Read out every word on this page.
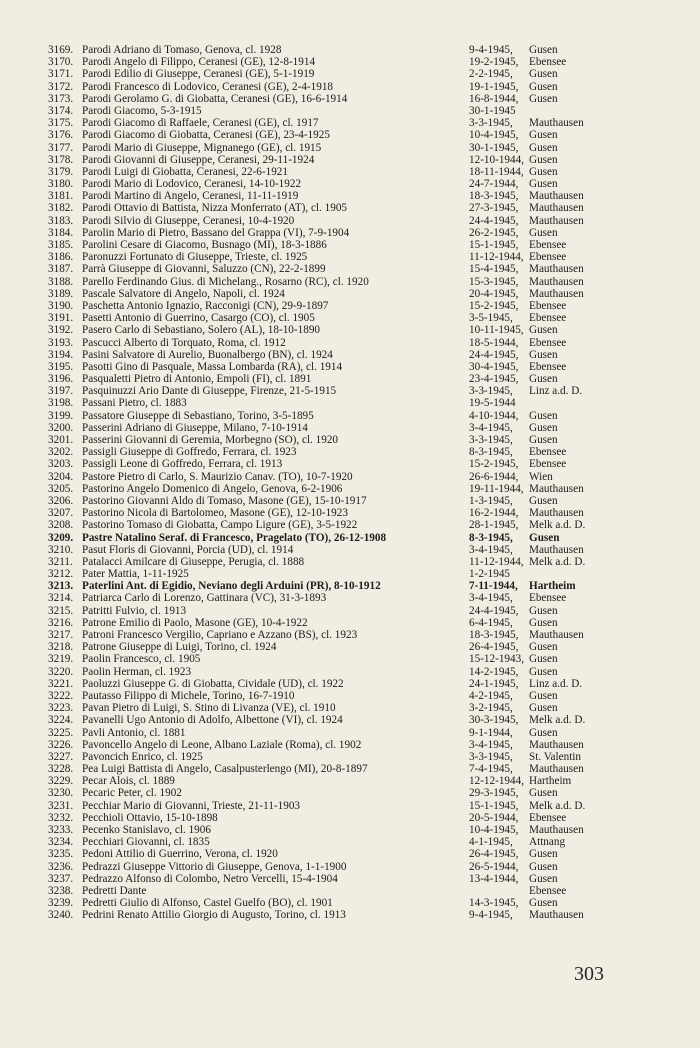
3169. Parodi Adriano di Tomaso, Genova, cl. 1928	9-4-1945, Gusen
3170. Parodi Angelo di Filippo, Ceranesi (GE), 12-8-1914	19-2-1945, Ebensee
3171. Parodi Edilio di Giuseppe, Ceranesi (GE), 5-1-1919	2-2-1945, Gusen
3172. Parodi Francesco di Lodovico, Ceranesi (GE), 2-4-1918	19-1-1945, Gusen
3173. Parodi Gerolamo G. di Giobatta, Ceranesi (GE), 16-6-1914	16-8-1944, Gusen
3174. Parodi Giacomo, 5-3-1915	30-1-1945
3175. Parodi Giacomo di Raffaele, Ceranesi (GE), cl. 1917	3-3-1945, Mauthausen
3176. Parodi Giacomo di Giobatta, Ceranesi (GE), 23-4-1925	10-4-1945, Gusen
3177. Parodi Mario di Giuseppe, Mignanego (GE), cl. 1915	30-1-1945, Gusen
3178. Parodi Giovanni di Giuseppe, Ceranesi, 29-11-1924	12-10-1944, Gusen
3179. Parodi Luigi di Giobatta, Ceranesi, 22-6-1921	18-11-1944, Gusen
3180. Parodi Mario di Lodovico, Ceranesi, 14-10-1922	24-7-1944, Gusen
3181. Parodi Martino di Angelo, Ceranesi, 11-11-1919	18-3-1945, Mauthausen
3182. Parodi Ottavio di Battista, Nizza Monferrato (AT), cl. 1905	27-3-1945, Mauthausen
3183. Parodi Silvio di Giuseppe, Ceranesi, 10-4-1920	24-4-1945, Mauthausen
3184. Parolin Mario di Pietro, Bassano del Grappa (VI), 7-9-1904	26-2-1945, Gusen
3185. Parolini Cesare di Giacomo, Busnago (MI), 18-3-1886	15-1-1945, Ebensee
3186. Paronuzzi Fortunato di Giuseppe, Trieste, cl. 1925	11-12-1944, Ebensee
3187. Parrà Giuseppe di Giovanni, Saluzzo (CN), 22-2-1899	15-4-1945, Mauthausen
3188. Parello Ferdinando Gius. di Michelang., Rosarno (RC), cl. 1920	15-3-1945, Mauthausen
3189. Pascale Salvatore di Angelo, Napoli, cl. 1924	20-4-1945, Mauthausen
3190. Paschetta Antonio Ignazio, Racconigi (CN), 29-9-1897	15-2-1945, Ebensee
3191. Pasetti Antonio di Guerrino, Casargo (CO), cl. 1905	3-5-1945, Ebensee
3192. Pasero Carlo di Sebastiano, Solero (AL), 18-10-1890	10-11-1945, Gusen
3193. Pascucci Alberto di Torquato, Roma, cl. 1912	18-5-1944, Ebensee
3194. Pasini Salvatore di Aurelio, Buonalbergo (BN), cl. 1924	24-4-1945, Gusen
3195. Pasotti Gino di Pasquale, Massa Lombarda (RA), cl. 1914	30-4-1945, Ebensee
3196. Pasqualetti Pietro di Antonio, Empoli (FI), cl. 1891	23-4-1945, Gusen
3197. Pasquinuzzi Ario Dante di Giuseppe, Firenze, 21-5-1915	3-3-1945, Linz a.d. D.
3198. Passani Pietro, cl. 1883	19-5-1944
3199. Passatore Giuseppe di Sebastiano, Torino, 3-5-1895	4-10-1944, Gusen
3200. Passerini Adriano di Giuseppe, Milano, 7-10-1914	3-4-1945, Gusen
3201. Passerini Giovanni di Geremia, Morbegno (SO), cl. 1920	3-3-1945, Gusen
3202. Passigli Giuseppe di Goffredo, Ferrara, cl. 1923	8-3-1945, Ebensee
3203. Passigli Leone di Goffredo, Ferrara, cl. 1913	15-2-1945, Ebensee
3204. Pastore Pietro di Carlo, S. Maurizio Canav. (TO), 10-7-1920	26-6-1944, Wien
3205. Pastorino Angelo Domenico di Angelo, Genova, 6-2-1906	19-11-1944, Mauthausen
3206. Pastorino Giovanni Aldo di Tomaso, Masone (GE), 15-10-1917	1-3-1945, Gusen
3207. Pastorino Nicola di Bartolomeo, Masone (GE), 12-10-1923	16-2-1944, Mauthausen
3208. Pastorino Tomaso di Giobatta, Campo Ligure (GE), 3-5-1922	28-1-1945, Melk a.d. D.
3209. Pastre Natalino Seraf. di Francesco, Pragelato (TO), 26-12-1908	8-3-1945, Gusen
3210. Pasut Floris di Giovanni, Porcia (UD), cl. 1914	3-4-1945, Mauthausen
3211. Patalacci Amilcare di Giuseppe, Perugia, cl. 1888	11-12-1944, Melk a.d. D.
3212. Pater Mattia, 1-11-1925	1-2-1945
3213. Paterlini Ant. di Egidio, Neviano degli Arduini (PR), 8-10-1912	7-11-1944, Hartheim
3214. Patriarca Carlo di Lorenzo, Gattinara (VC), 31-3-1893	3-4-1945, Ebensee
3215. Patritti Fulvio, cl. 1913	24-4-1945, Gusen
3216. Patrone Emilio di Paolo, Masone (GE), 10-4-1922	6-4-1945, Gusen
3217. Patroni Francesco Vergilio, Capriano e Azzano (BS), cl. 1923	18-3-1945, Mauthausen
3218. Patrone Giuseppe di Luigi, Torino, cl. 1924	26-4-1945, Gusen
3219. Paolin Francesco, cl. 1905	15-12-1943, Gusen
3220. Paolin Herman, cl. 1923	14-2-1945, Gusen
3221. Paoluzzi Giuseppe G. di Giobatta, Cividale (UD), cl. 1922	24-1-1945, Linz a.d. D.
3222. Pautasso Filippo di Michele, Torino, 16-7-1910	4-2-1945, Gusen
3223. Pavan Pietro di Luigi, S. Stino di Livanza (VE), cl. 1910	3-2-1945, Gusen
3224. Pavanelli Ugo Antonio di Adolfo, Albettone (VI), cl. 1924	30-3-1945, Melk a.d. D.
3225. Pavli Antonio, cl. 1881	9-1-1944, Gusen
3226. Pavoncello Angelo di Leone, Albano Laziale (Roma), cl. 1902	3-4-1945, Mauthausen
3227. Pavoncich Enrico, cl. 1925	3-3-1945, St. Valentin
3228. Pea Luigi Battista di Angelo, Casalpusterlengo (MI), 20-8-1897	7-4-1945, Mauthausen
3229. Pecar Alois, cl. 1889	12-12-1944, Hartheim
3230. Pecaric Peter, cl. 1902	29-3-1945, Gusen
3231. Pecchiar Mario di Giovanni, Trieste, 21-11-1903	15-1-1945, Melk a.d. D.
3232. Pecchioli Ottavio, 15-10-1898	20-5-1944, Ebensee
3233. Pecenko Stanislavo, cl. 1906	10-4-1945, Mauthausen
3234. Pecchiari Giovanni, cl. 1835	4-1-1945, Attnang
3235. Pedoni Attilio di Guerrino, Verona, cl. 1920	26-4-1945, Gusen
3236. Pedrazzi Giuseppe Vittorio di Giuseppe, Genova, 1-1-1900	26-5-1944, Gusen
3237. Pedrazzo Alfonso di Colombo, Netro Vercelli, 15-4-1904	13-4-1944, Gusen
3238. Pedretti Dante	Ebensee
3239. Pedretti Giulio di Alfonso, Castel Guelfo (BO), cl. 1901	14-3-1945, Gusen
3240. Pedrini Renato Attilio Giorgio di Augusto, Torino, cl. 1913	9-4-1945, Mauthausen
303
